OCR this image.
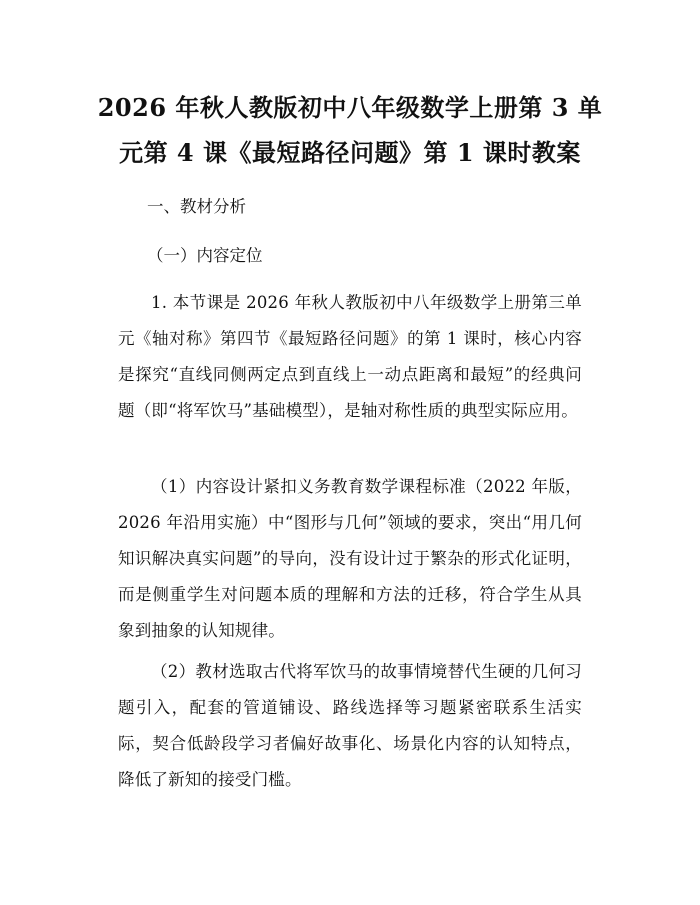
2026 年秋人教版初中八年级数学上册第 3 单
元第 4 课《最短路径问题》第 1 课时教案
一、教材分析
（一）内容定位
1. 本节课是 2026 年秋人教版初中八年级数学上册第三单元《轴对称》第四节《最短路径问题》的第 1 课时，核心内容是探究“直线同侧两定点到直线上一动点距离和最短”的经典问题（即“将军饮马”基础模型），是轴对称性质的典型实际应用。
（1）内容设计紧扣义务教育数学课程标准（2022 年版，2026 年沿用实施）中“图形与几何”领域的要求，突出“用几何知识解决真实问题”的导向，没有设计过于繁杂的形式化证明，而是侧重学生对问题本质的理解和方法的迁移，符合学生从具象到抽象的认知规律。
（2）教材选取古代将军饮马的故事情境替代生硬的几何习题引入，配套的管道铺设、路线选择等习题紧密联系生活实际，契合低龄段学习者偏好故事化、场景化内容的认知特点，降低了新知的接受门槛。
